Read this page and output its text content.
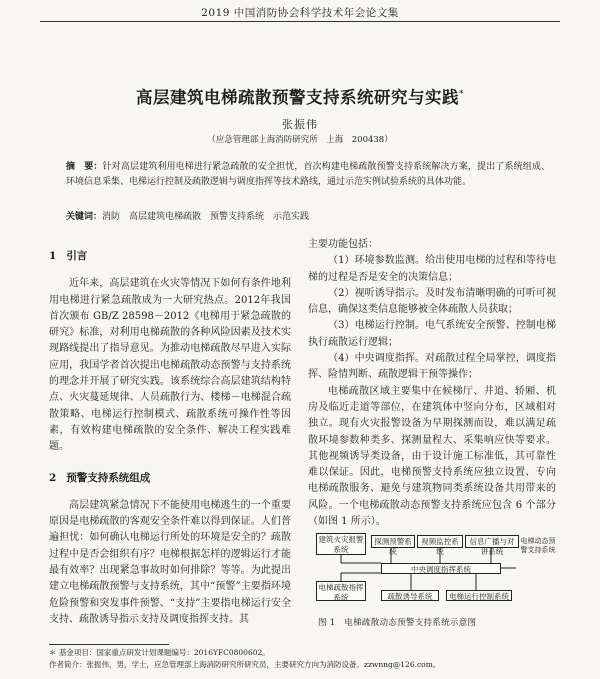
2019 中国消防协会科学技术年会论文集
高层建筑电梯疏散预警支持系统研究与实践*
张振伟
（应急管理部上海消防研究所　上海　200438）
摘　要：针对高层建筑利用电梯进行紧急疏散的安全担忧，首次构建电梯疏散预警支持系统解决方案，提出了系统组成、环境信息采集、电梯运行控制及疏散逻辑与调度指挥等技术路线，通过示范实例试验系统的具体功能。
关键词：消防　高层建筑电梯疏散　预警支持系统　示范实践
1 引言

近年来，高层建筑在火灾等情况下如何有条件地利用电梯进行紧急疏散成为一大研究热点。2012年我国首次颁布 GB/Z 28598－2012《电梯用于紧急疏散的研究》标准，对利用电梯疏散的各种风险因素及技术实现路线提出了指导意见。为推动电梯疏散尽早进入实际应用，我国学者首次提出电梯疏散动态预警与支持系统的理念并开展了研究实践。该系统综合高层建筑结构特点、火灾蔓延规律、人员疏散行为、楼梯－电梯混合疏散策略、电梯运行控制模式、疏散系统可操作性等因素，有效构建电梯疏散的安全条件、解决工程实践难题。

2 预警支持系统组成

高层建筑紧急情况下不能使用电梯逃生的一个重要原因是电梯疏散的客观安全条件难以得到保证。人们普遍担忧：如何确认电梯运行所处的环境是安全的？疏散过程中是否会组织有序？电梯根据怎样的逻辑运行才能最有效率？出现紧急事故时如何排除？等等。为此提出建立电梯疏散预警与支持系统，其中“预警”主要指环境危险预警和突发事件预警、“支持”主要指电梯运行安全支持、疏散诱导指示支持及调度指挥支持。其

主要功能包括：

（1）环境参数监测。给出使用电梯的过程和等待电梯的过程是否是安全的决策信息；

（2）视听诱导指示。及时发布清晰明确的可听可视信息，确保这类信息能够被全体疏散人员获取；

（3）电梯运行控制。电气系统安全预警、控制电梯执行疏散运行逻辑；

（4）中央调度指挥。对疏散过程全局掌控，调度指挥、险情判断、疏散逻辑干预等操作；

电梯疏散区域主要集中在候梯厅、井道、轿厢、机房及临近走道等部位，在建筑体中竖向分布，区域相对独立。现有火灾报警设备为早期探测而设，难以满足疏散环境参数种类多、探测量程大、采集响应快等要求。其他视频诱导类设备，由于设计施工标准低，其可靠性难以保证。因此，电梯预警支持系统应独立设置、专向电梯疏散服务、避免与建筑物同类系统设备共用带来的风险。一个电梯疏散动态预警支持系统应包含 6 个部分（如图 1 所示）。

建筑火灾报警系统
探测预警系统
视频监控系统
信息广播与对讲系统
中央调度指挥系统
电梯疏散指挥系统	疏散诱导系统	电梯运行控制系统
电梯动态预警支持系统
图 1　电梯疏散动态预警支持系统示意图
＊ 基金项目：国家重点研发计划课题编号：2016YFC0800602。
作者简介：张振伟，男，学士，应急管理部上海消防研究所研究员，主要研究方向为消防设备。zzwnng@126.com。
